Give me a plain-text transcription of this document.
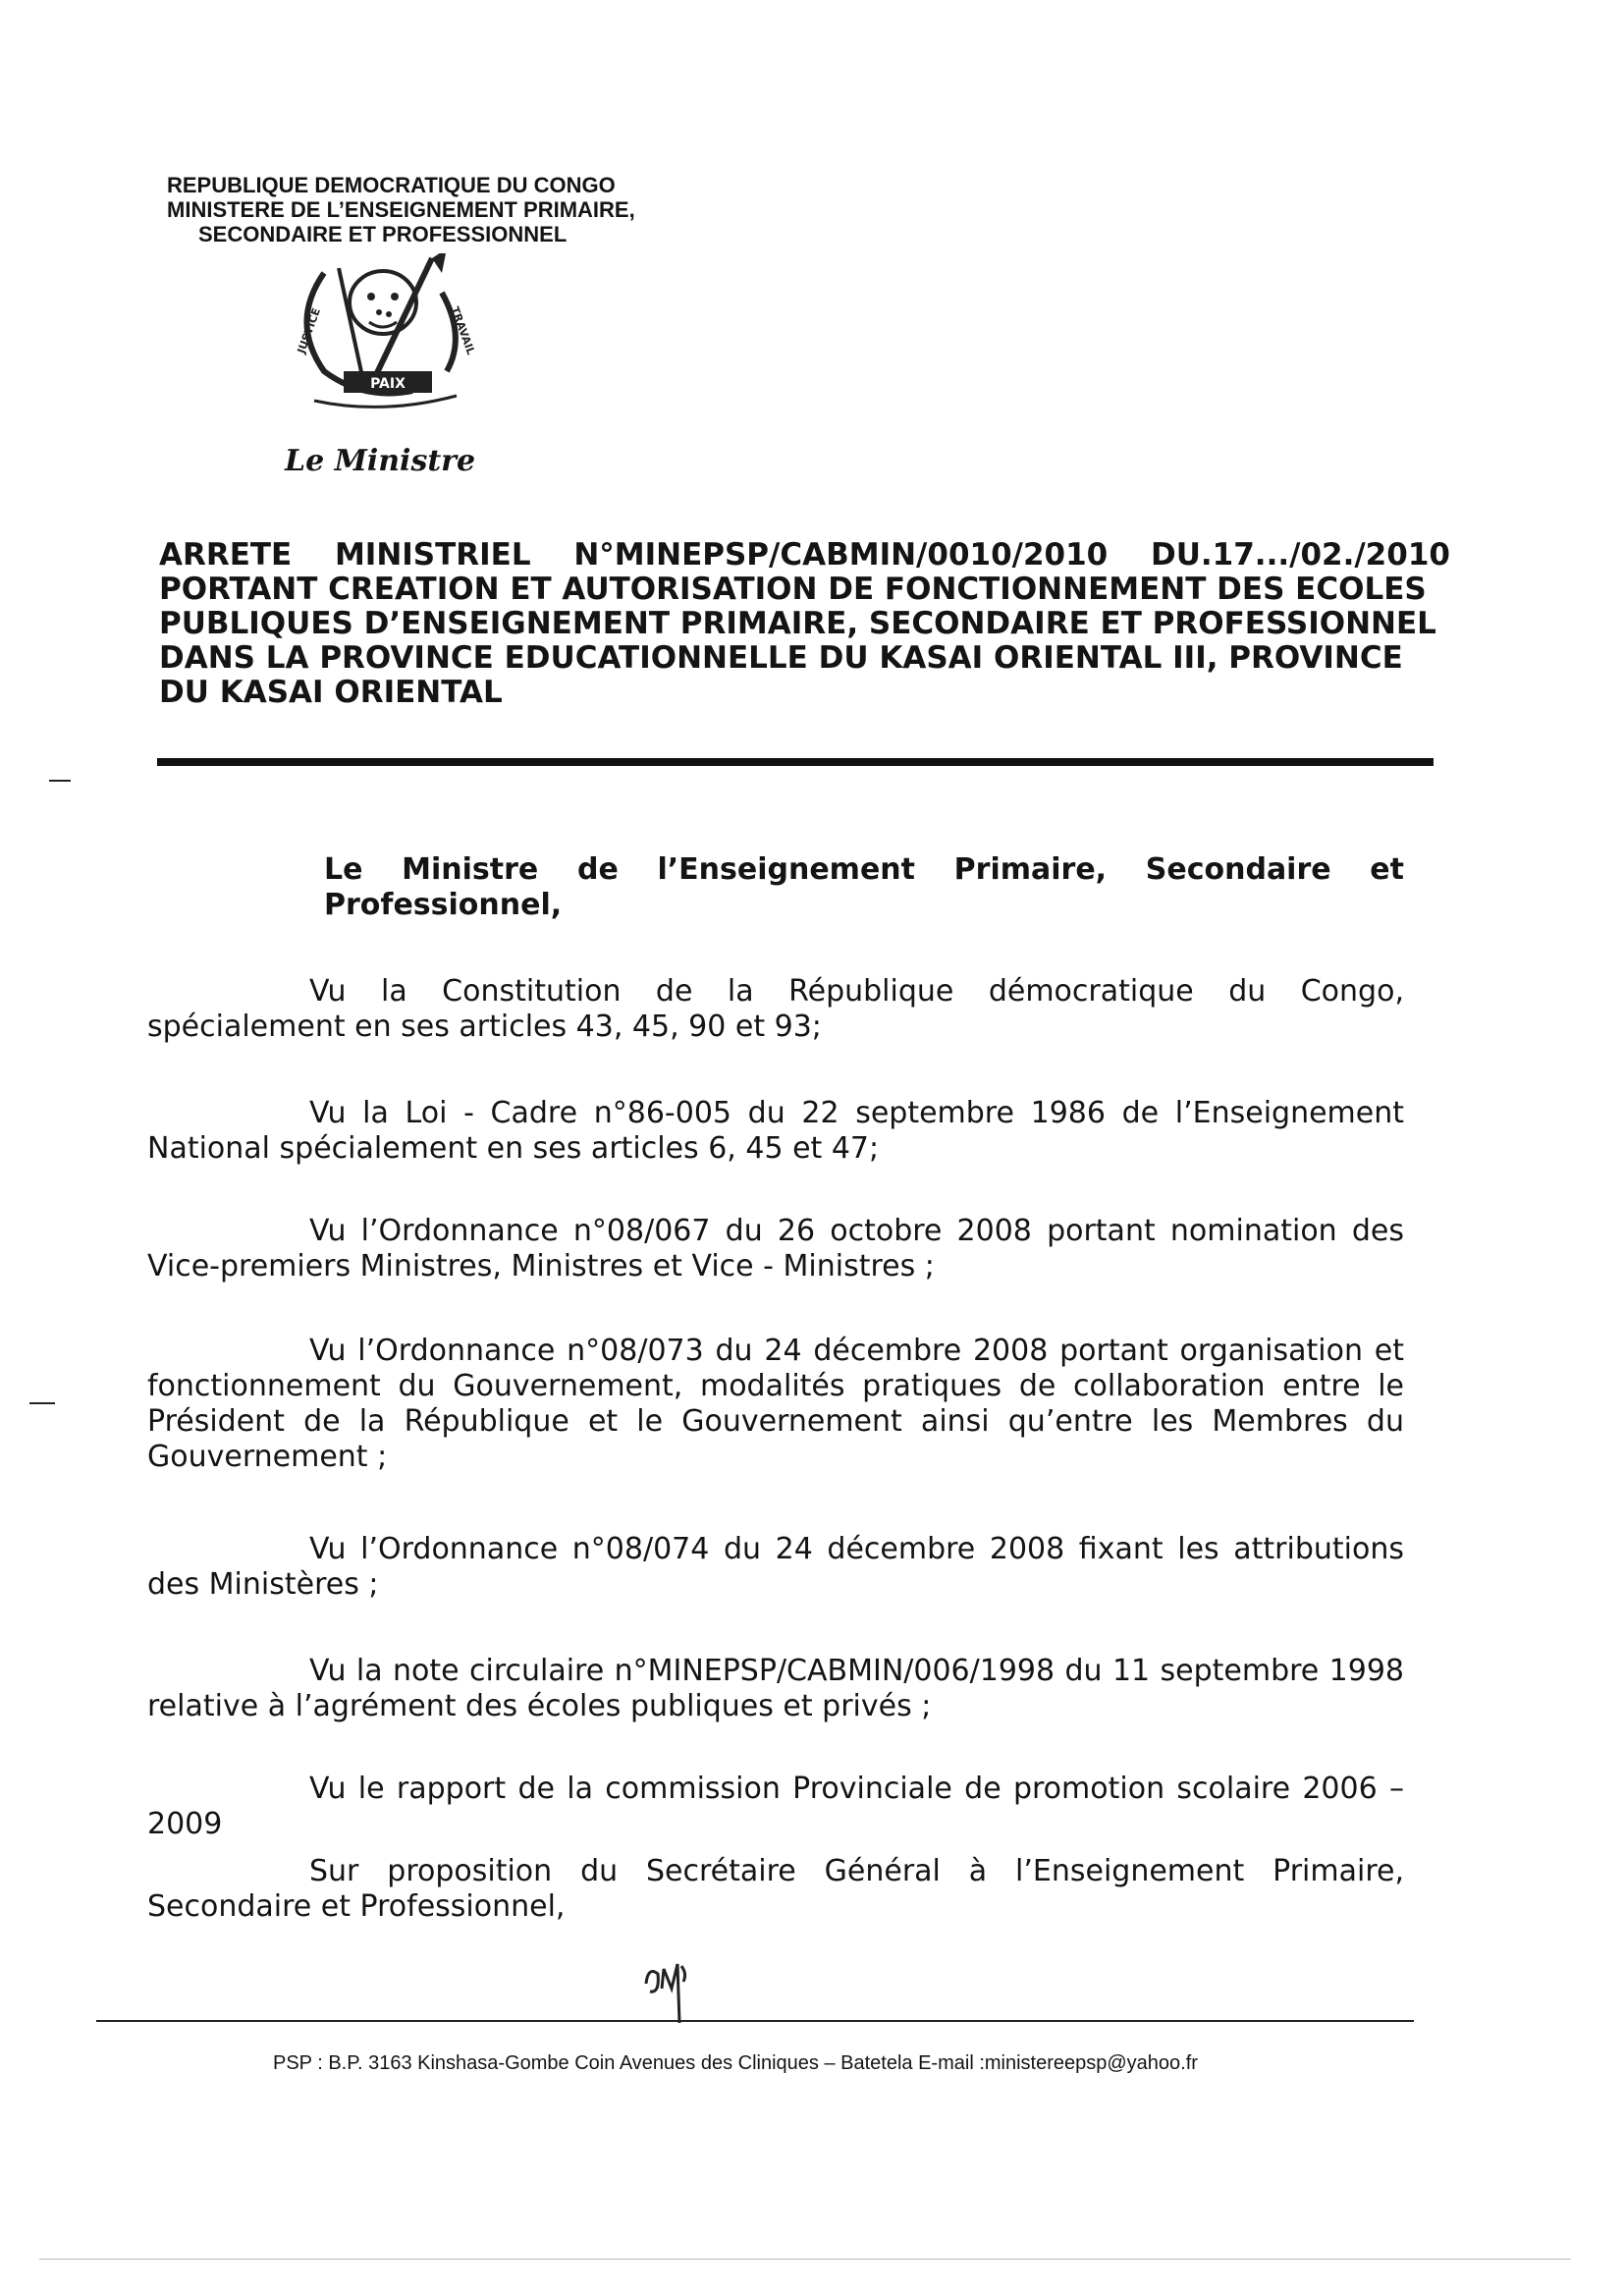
REPUBLIQUE DEMOCRATIQUE DU CONGO
MINISTERE DE L’ENSEIGNEMENT PRIMAIRE,
SECONDAIRE ET PROFESSIONNEL
PAIX
JUSTICE	TRAVAIL
Le Ministre
ARRETE MINISTRIEL N°MINEPSP/CABMIN/0010/2010 DU.17.../02./2010
PORTANT CREATION ET AUTORISATION DE FONCTIONNEMENT DES ECOLES
PUBLIQUES D’ENSEIGNEMENT PRIMAIRE, SECONDAIRE ET PROFESSIONNEL
DANS LA PROVINCE EDUCATIONNELLE DU KASAI ORIENTAL III, PROVINCE
DU KASAI ORIENTAL
Le Ministre de l’Enseignement Primaire, Secondaire et Professionnel,
Vu la Constitution de la République démocratique du Congo, spécialement en ses articles 43, 45, 90 et 93;
Vu la Loi - Cadre n°86-005 du 22 septembre 1986 de l’Enseignement National spécialement en ses articles 6, 45 et 47;
Vu l’Ordonnance n°08/067 du 26 octobre 2008 portant nomination des Vice-premiers Ministres, Ministres et Vice - Ministres ;
Vu l’Ordonnance n°08/073 du 24 décembre 2008 portant organisation et fonctionnement du Gouvernement, modalités pratiques de collaboration entre le Président de la République et le Gouvernement ainsi qu’entre les Membres du Gouvernement ;
Vu l’Ordonnance n°08/074 du 24 décembre 2008 fixant les attributions des Ministères ;
Vu la note circulaire n°MINEPSP/CABMIN/006/1998 du 11 septembre 1998 relative à l’agrément des écoles publiques et privés ;
Vu le rapport de la commission Provinciale de promotion scolaire 2006 – 2009
Sur proposition du Secrétaire Général à l’Enseignement Primaire, Secondaire et Professionnel,
PSP : B.P. 3163 Kinshasa-Gombe Coin Avenues des Cliniques – Batetela E-mail :ministereepsp@yahoo.fr
